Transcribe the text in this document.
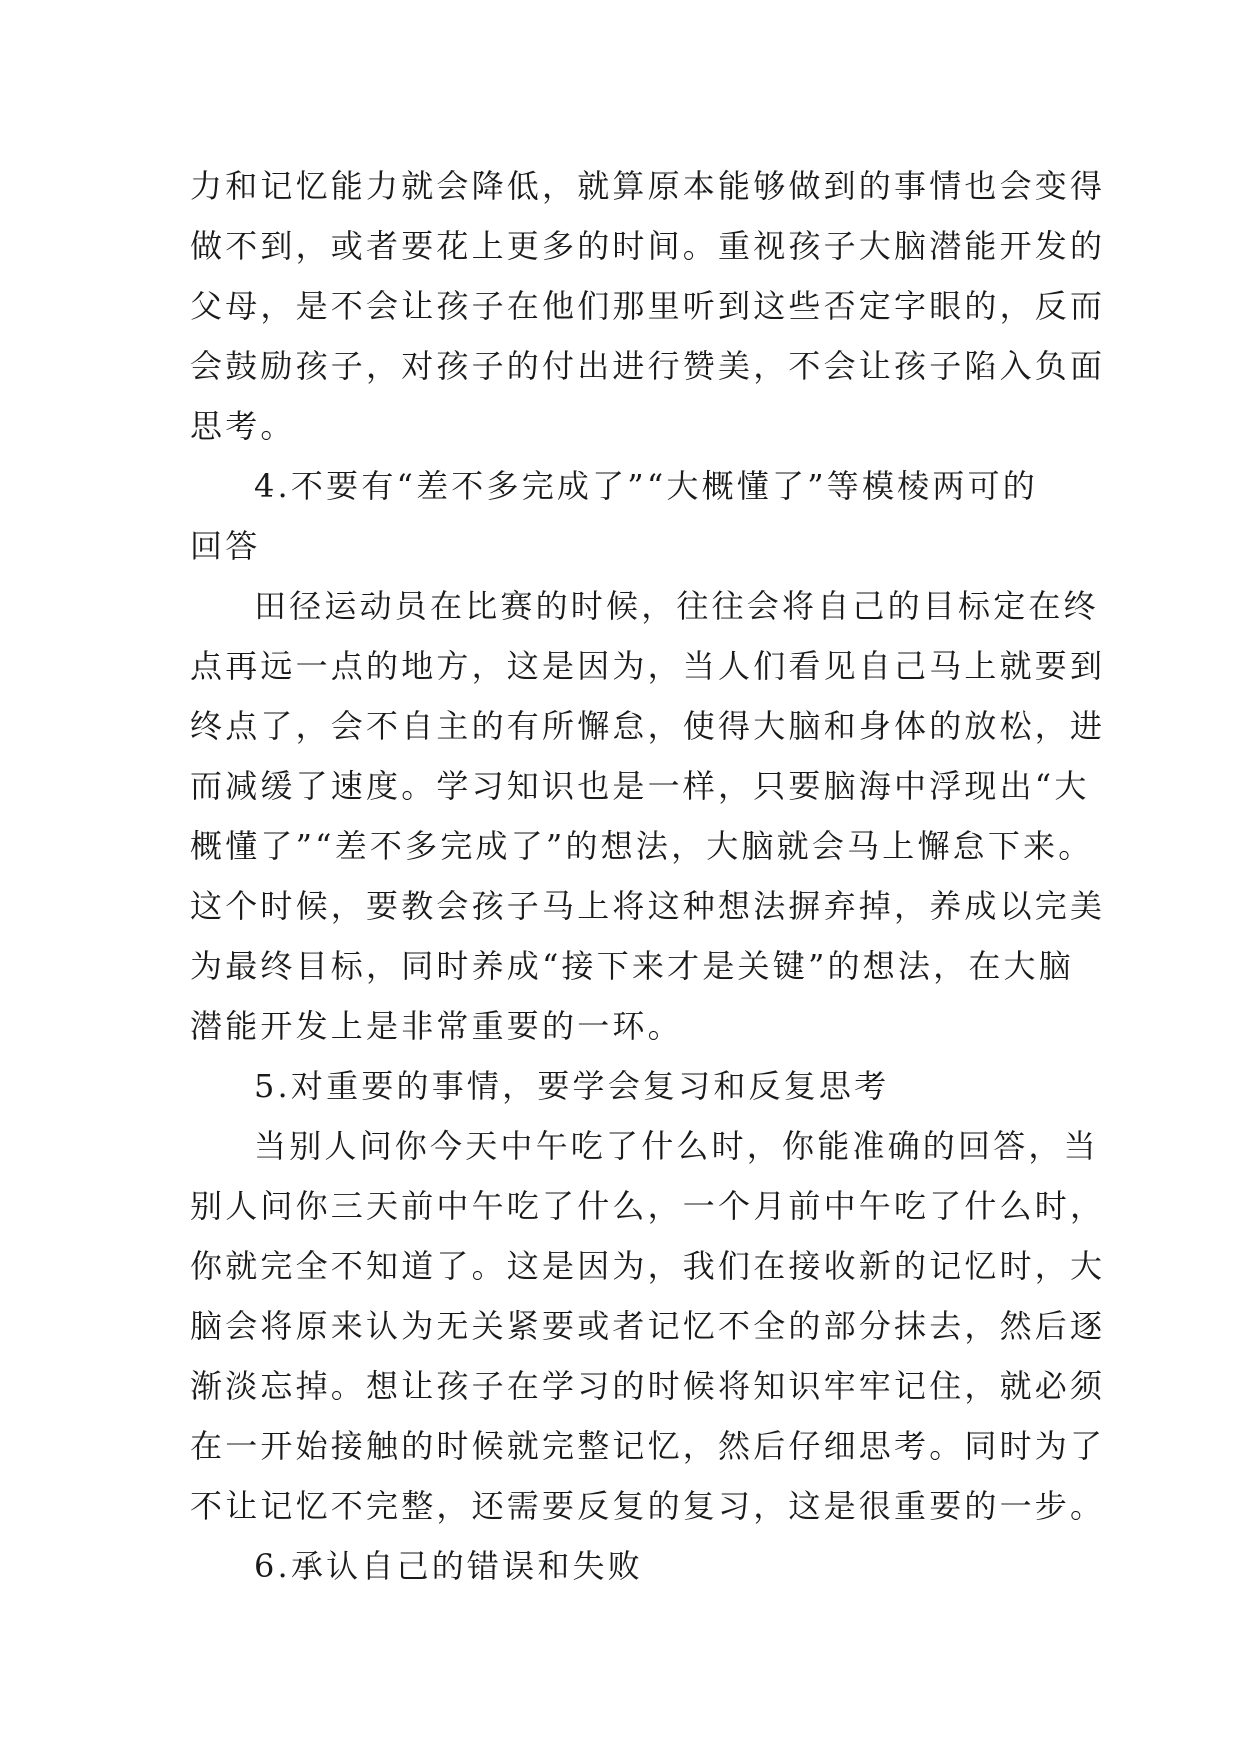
力和记忆能力就会降低，就算原本能够做到的事情也会变得
做不到，或者要花上更多的时间。重视孩子大脑潜能开发的
父母，是不会让孩子在他们那里听到这些否定字眼的，反而
会鼓励孩子，对孩子的付出进行赞美，不会让孩子陷入负面
思考。

4.不要有“差不多完成了”“大概懂了”等模棱两可的
回答

田径运动员在比赛的时候，往往会将自己的目标定在终
点再远一点的地方，这是因为，当人们看见自己马上就要到
终点了，会不自主的有所懈怠，使得大脑和身体的放松，进
而减缓了速度。学习知识也是一样，只要脑海中浮现出“大
概懂了”“差不多完成了”的想法，大脑就会马上懈怠下来。
这个时候，要教会孩子马上将这种想法摒弃掉，养成以完美
为最终目标，同时养成“接下来才是关键”的想法，在大脑
潜能开发上是非常重要的一环。

5.对重要的事情，要学会复习和反复思考

当别人问你今天中午吃了什么时，你能准确的回答，当
别人问你三天前中午吃了什么，一个月前中午吃了什么时，
你就完全不知道了。这是因为，我们在接收新的记忆时，大
脑会将原来认为无关紧要或者记忆不全的部分抹去，然后逐
渐淡忘掉。想让孩子在学习的时候将知识牢牢记住，就必须
在一开始接触的时候就完整记忆，然后仔细思考。同时为了
不让记忆不完整，还需要反复的复习，这是很重要的一步。

6.承认自己的错误和失败
